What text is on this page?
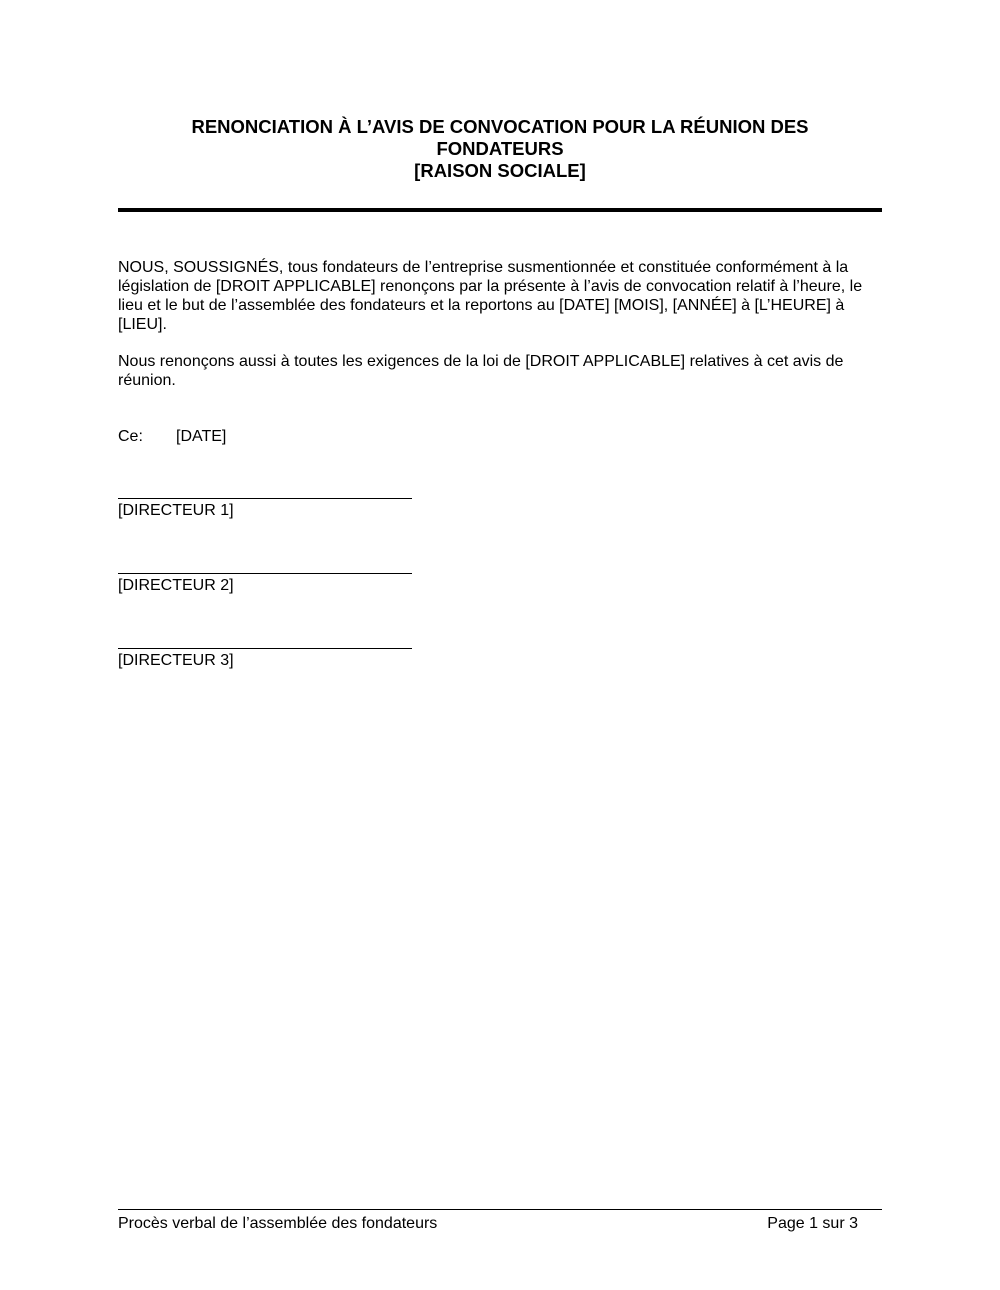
RENONCIATION À L’AVIS DE CONVOCATION POUR LA RÉUNION DES
FONDATEURS
[RAISON SOCIALE]

NOUS, SOUSSIGNÉS, tous fondateurs de l’entreprise susmentionnée et constituée conformément à la législation de [DROIT APPLICABLE] renonçons par la présente à l’avis de convocation relatif à l’heure, le lieu et le but de l’assemblée des fondateurs et la reportons au [DATE] [MOIS], [ANNÉE] à [L’HEURE] à [LIEU].

Nous renonçons aussi à toutes les exigences de la loi de [DROIT APPLICABLE] relatives à cet avis de réunion.

Ce:	[DATE]
[DIRECTEUR 1]
[DIRECTEUR 2]
[DIRECTEUR 3]
Procès verbal de l’assemblée des fondateurs	Page 1 sur 3
